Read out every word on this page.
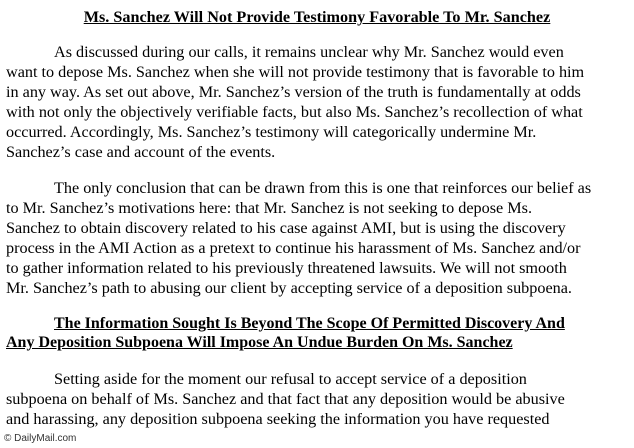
Ms. Sanchez Will Not Provide Testimony Favorable To Mr. Sanchez
As discussed during our calls, it remains unclear why Mr. Sanchez would even
want to depose Ms. Sanchez when she will not provide testimony that is favorable to him
in any way. As set out above, Mr. Sanchez’s version of the truth is fundamentally at odds
with not only the objectively verifiable facts, but also Ms. Sanchez’s recollection of what
occurred. Accordingly, Ms. Sanchez’s testimony will categorically undermine Mr.
Sanchez’s case and account of the events.
The only conclusion that can be drawn from this is one that reinforces our belief as
to Mr. Sanchez’s motivations here: that Mr. Sanchez is not seeking to depose Ms.
Sanchez to obtain discovery related to his case against AMI, but is using the discovery
process in the AMI Action as a pretext to continue his harassment of Ms. Sanchez and/or
to gather information related to his previously threatened lawsuits. We will not smooth
Mr. Sanchez’s path to abusing our client by accepting service of a deposition subpoena.
The Information Sought Is Beyond The Scope Of Permitted Discovery And
Any Deposition Subpoena Will Impose An Undue Burden On Ms. Sanchez
Setting aside for the moment our refusal to accept service of a deposition
subpoena on behalf of Ms. Sanchez and that fact that any deposition would be abusive
and harassing, any deposition subpoena seeking the information you have requested
© DailyMail.com
